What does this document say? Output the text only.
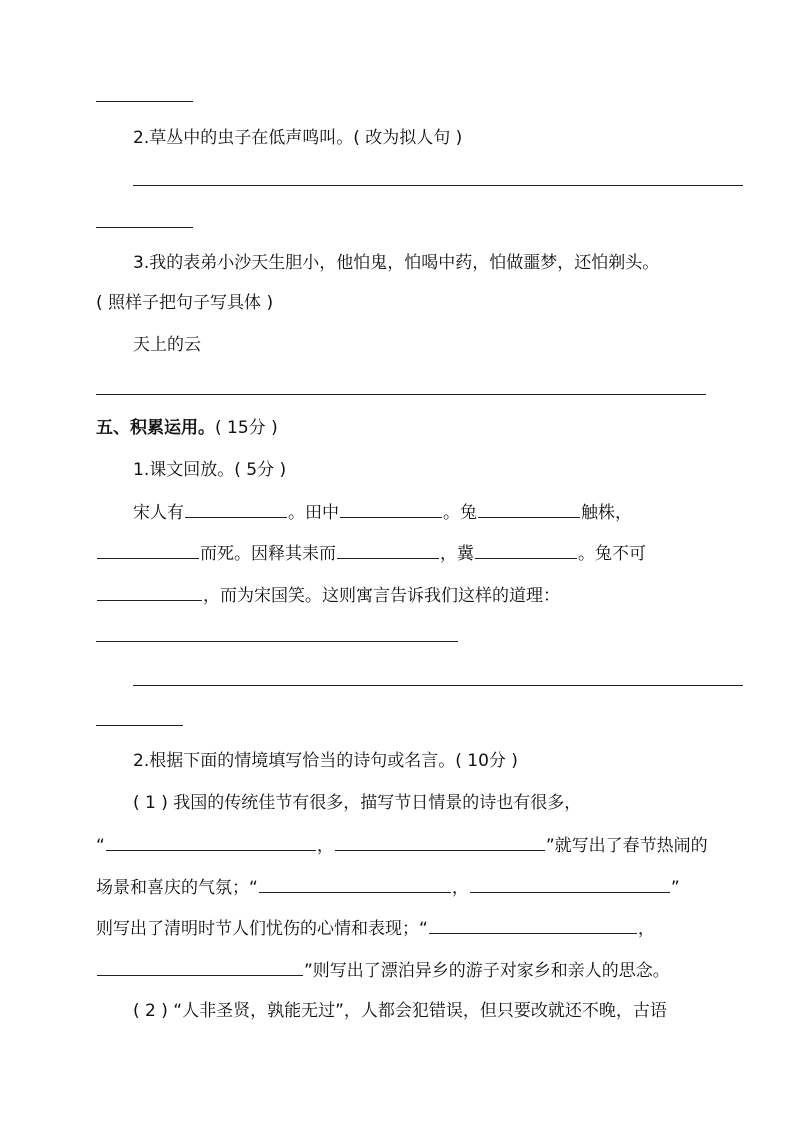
2.草丛中的虫子在低声鸣叫。( 改为拟人句 )
3.我的表弟小沙天生胆小，他怕鬼，怕喝中药，怕做噩梦，还怕剃头。
( 照样子把句子写具体 )
天上的云
五、积累运用。( 15分 )
1.课文回放。( 5分 )
宋人有	。田中	。兔	触株，
而死。因释其耒而	，冀	。兔不可
，而为宋国笑。这则寓言告诉我们这样的道理：
2.根据下面的情境填写恰当的诗句或名言。( 10分 )
( 1 ) 我国的传统佳节有很多，描写节日情景的诗也有很多，
“	，	”就写出了春节热闹的
场景和喜庆的气氛；“	，	”
则写出了清明时节人们忧伤的心情和表现；“	，
”则写出了漂泊异乡的游子对家乡和亲人的思念。
( 2 ) “人非圣贤，孰能无过”，人都会犯错误，但只要改就还不晚，古语
